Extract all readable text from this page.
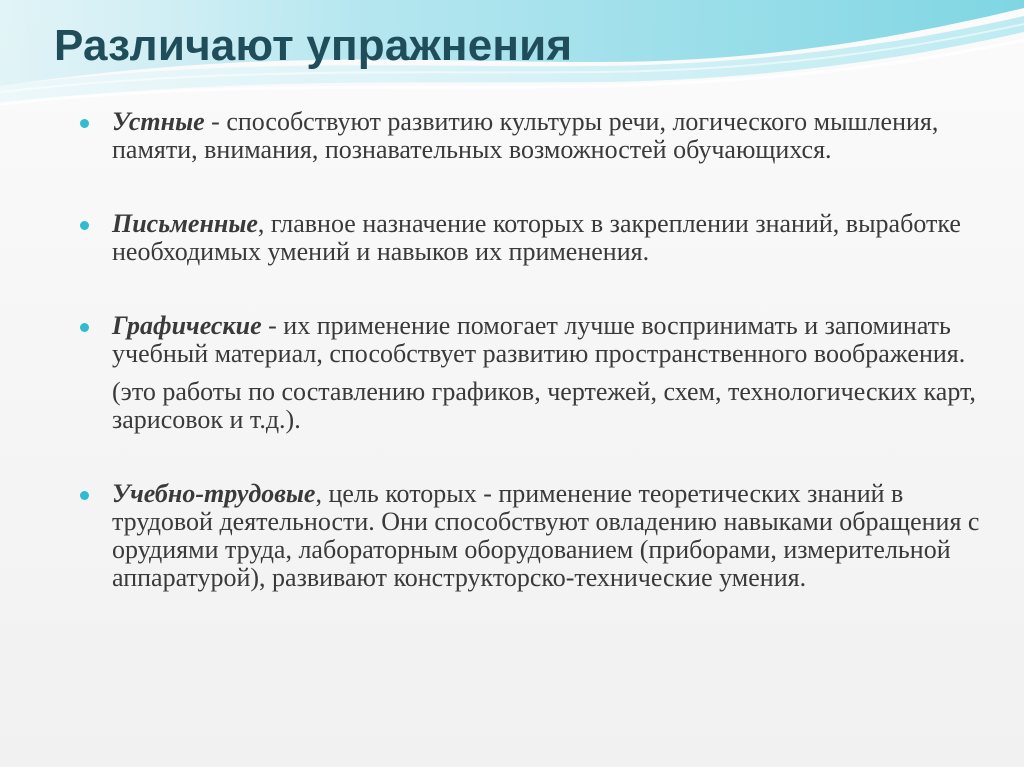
Различают упражнения
Устные - способствуют развитию культуры речи, логического мышления, памяти, внимания, познавательных возможностей обучающихся.
Письменные, главное назначение которых в закреплении знаний, выработке необходимых умений и навыков их применения.
Графические - их применение помогает лучше воспринимать и запоминать учебный материал, способствует развитию пространственного воображения.
(это работы по составлению графиков, чертежей, схем, технологических карт, зарисовок и т.д.).
Учебно-трудовые, цель которых - применение теоретических знаний в трудовой деятельности. Они способствуют овладению навыками обращения с орудиями труда, лабораторным оборудованием (приборами, измерительной аппаратурой), развивают конструкторско-технические умения.
